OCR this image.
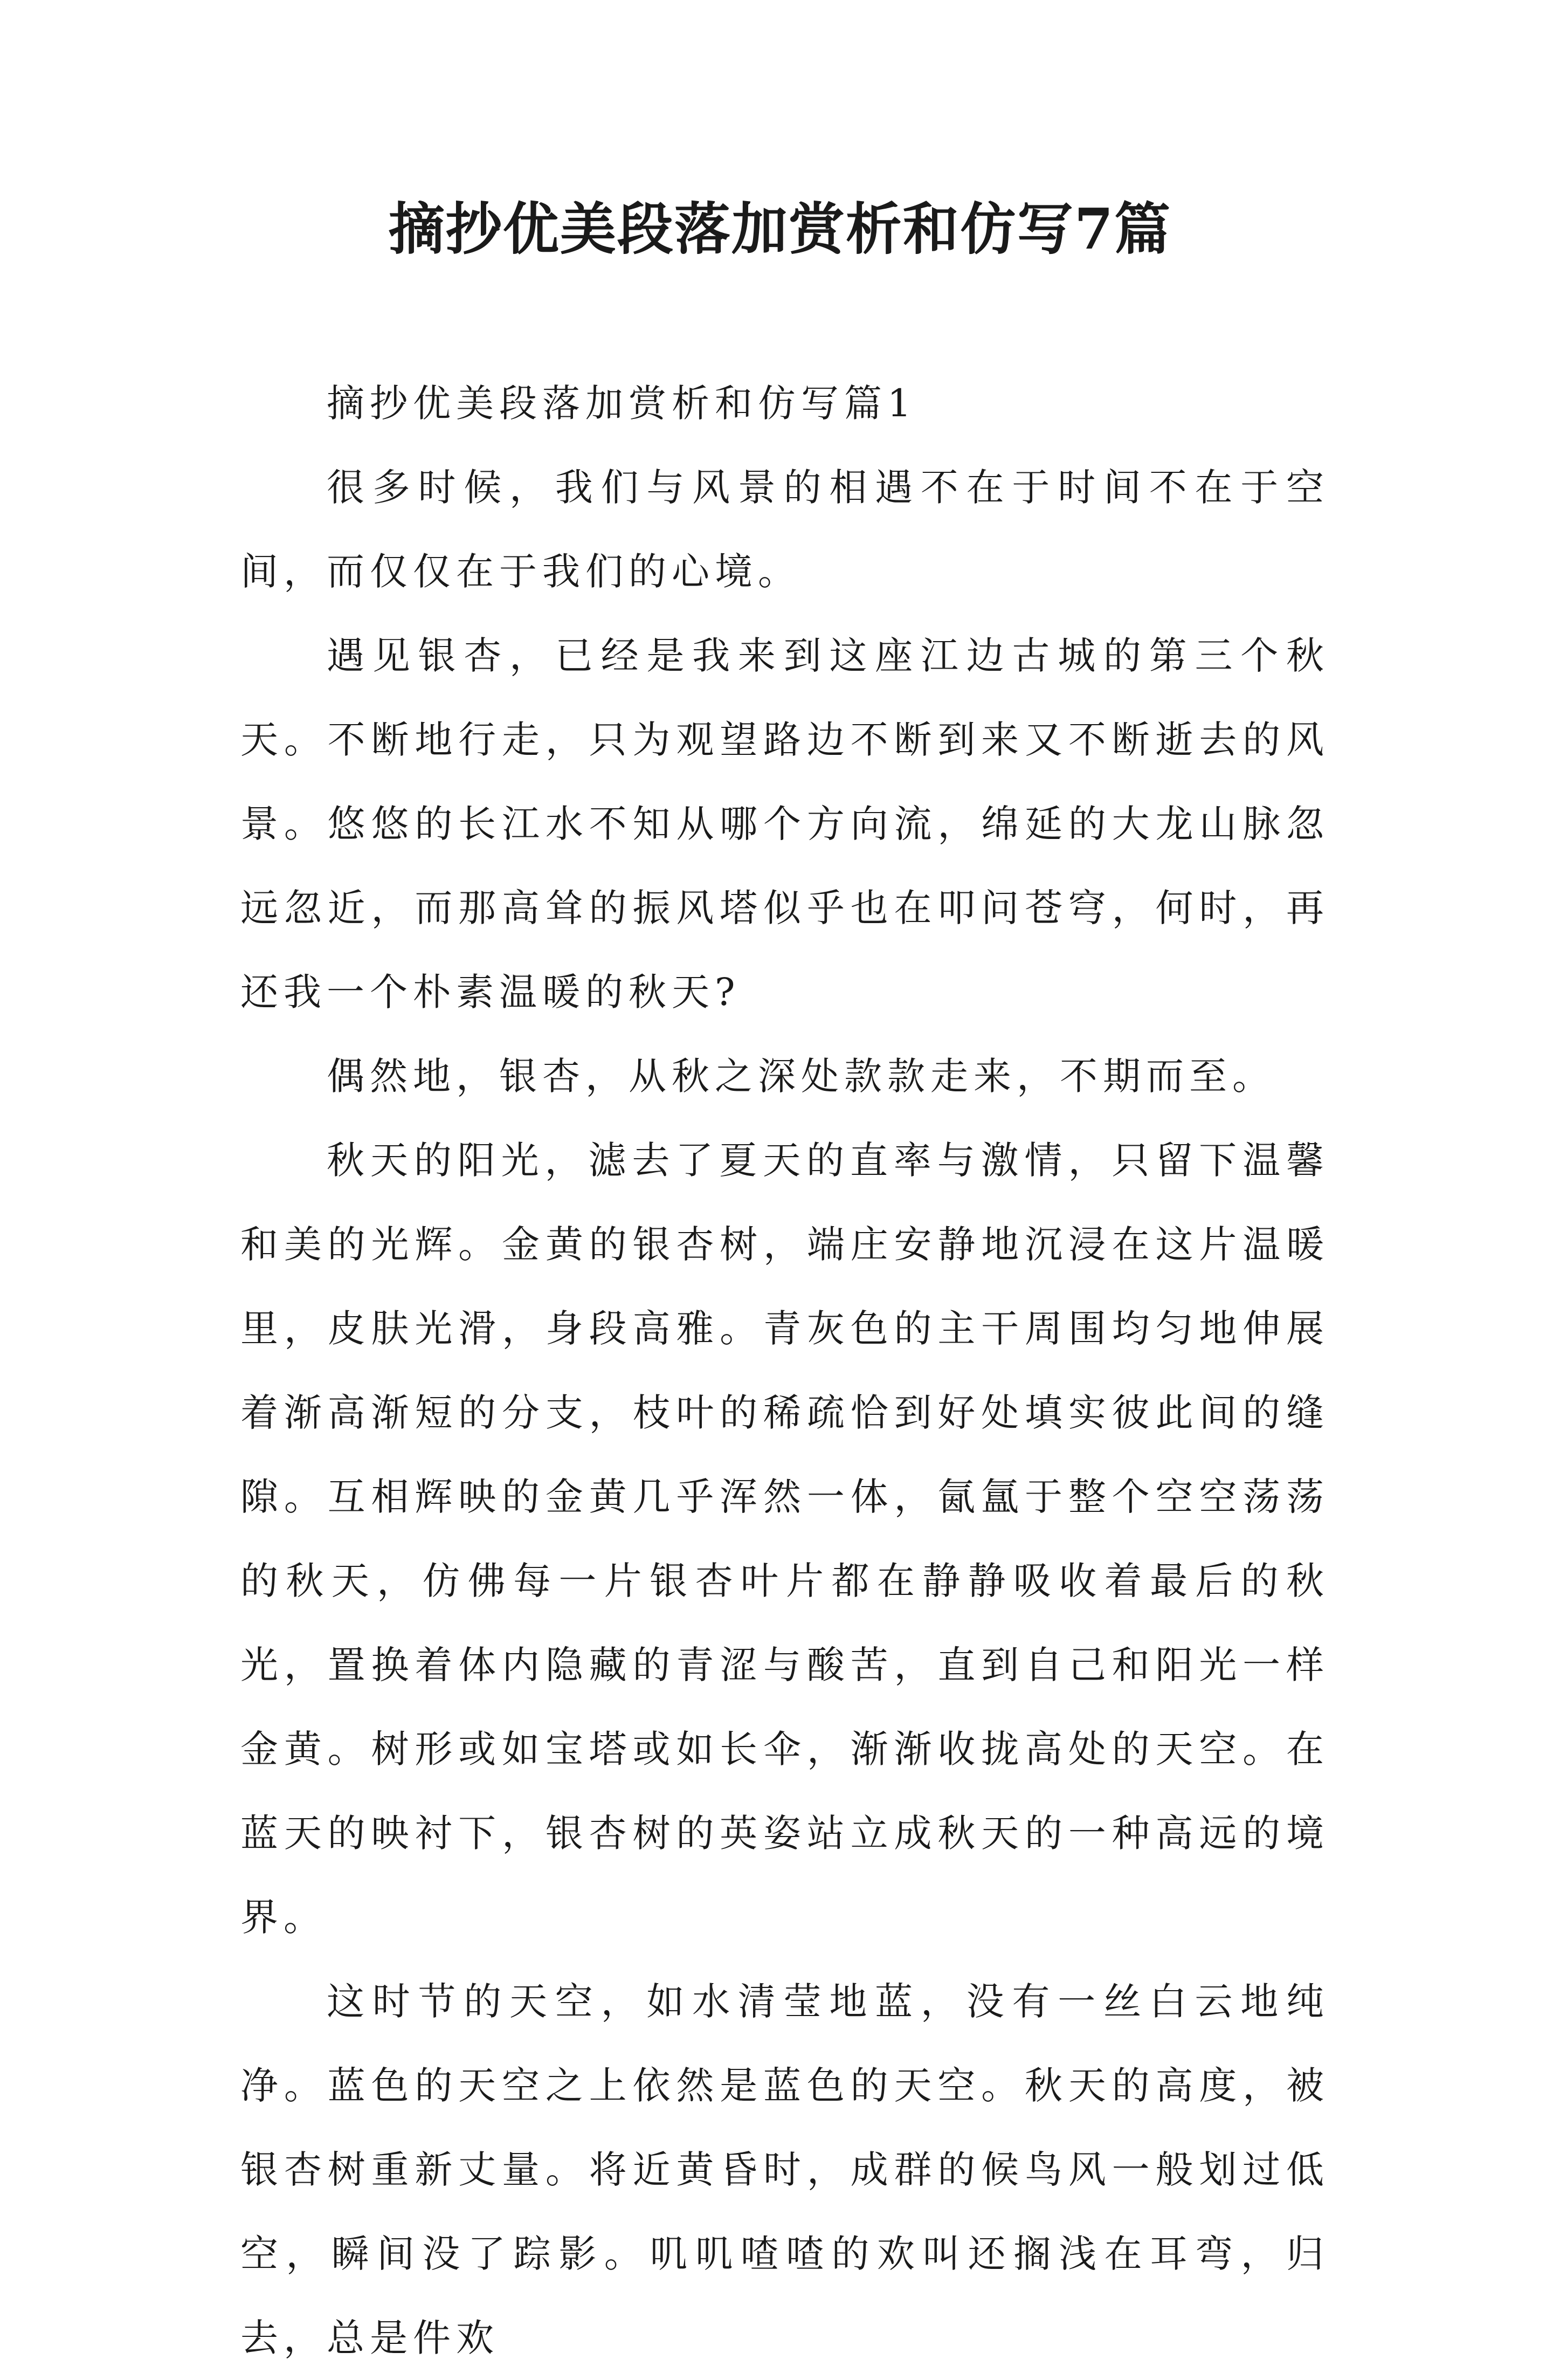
摘抄优美段落加赏析和仿写7篇

摘抄优美段落加赏析和仿写篇1

很多时候，我们与风景的相遇不在于时间不在于空间，而仅仅在于我们的心境。

遇见银杏，已经是我来到这座江边古城的第三个秋天。不断地行走，只为观望路边不断到来又不断逝去的风景。悠悠的长江水不知从哪个方向流，绵延的大龙山脉忽远忽近，而那高耸的振风塔似乎也在叩问苍穹，何时，再还我一个朴素温暖的秋天?

偶然地，银杏，从秋之深处款款走来，不期而至。

秋天的阳光，滤去了夏天的直率与激情，只留下温馨和美的光辉。金黄的银杏树，端庄安静地沉浸在这片温暖里，皮肤光滑，身段高雅。青灰色的主干周围均匀地伸展着渐高渐短的分支，枝叶的稀疏恰到好处填实彼此间的缝隙。互相辉映的金黄几乎浑然一体，氤氲于整个空空荡荡的秋天，仿佛每一片银杏叶片都在静静吸收着最后的秋光，置换着体内隐藏的青涩与酸苦，直到自己和阳光一样金黄。树形或如宝塔或如长伞，渐渐收拢高处的天空。在蓝天的映衬下，银杏树的英姿站立成秋天的一种高远的境界。

这时节的天空，如水清莹地蓝，没有一丝白云地纯净。蓝色的天空之上依然是蓝色的天空。秋天的高度，被银杏树重新丈量。将近黄昏时，成群的候鸟风一般划过低空，瞬间没了踪影。叽叽喳喳的欢叫还搁浅在耳弯，归去，总是件欢
